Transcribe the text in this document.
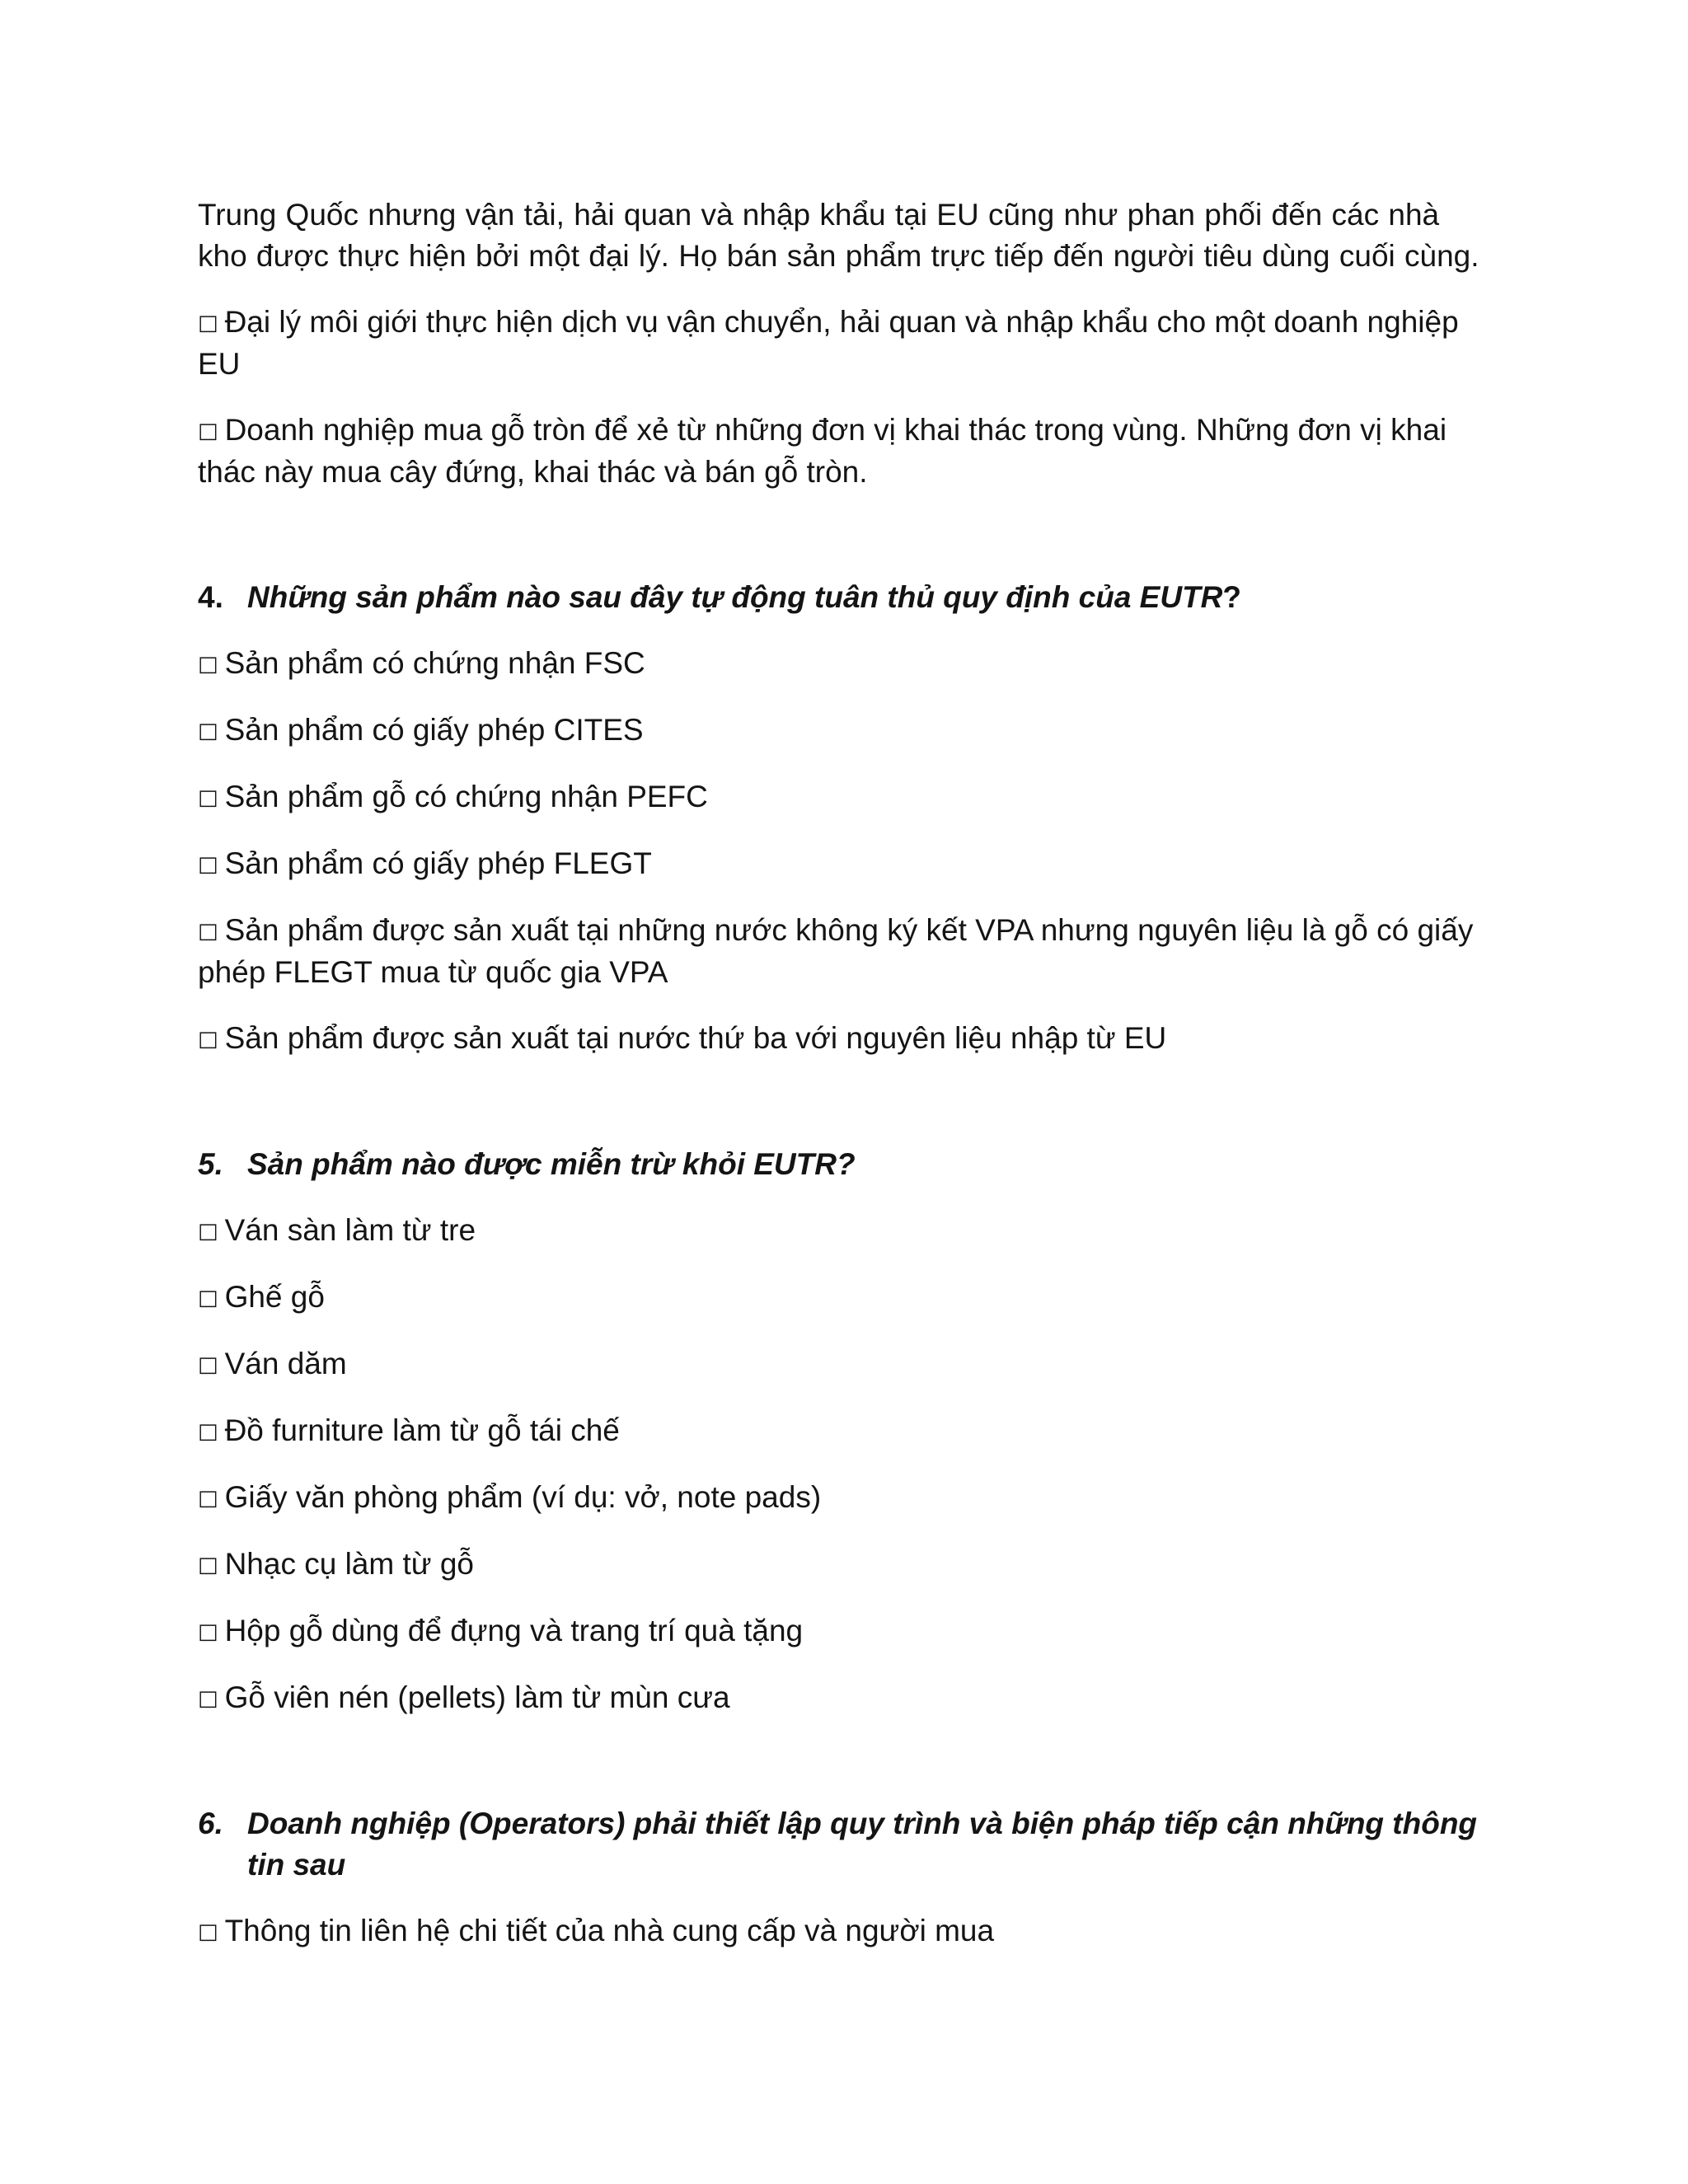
Trung Quốc nhưng vận tải, hải quan và nhập khẩu tại EU cũng như phan phối đến các nhà kho được thực hiện bởi một đại lý. Họ bán sản phẩm trực tiếp đến người tiêu dùng cuối cùng.

□ Đại lý môi giới thực hiện dịch vụ vận chuyển, hải quan và nhập khẩu cho một doanh nghiệp EU
□ Doanh nghiệp mua gỗ tròn để xẻ từ những đơn vị khai thác trong vùng. Những đơn vị khai thác này mua cây đứng, khai thác và bán gỗ tròn.
4. Những sản phẩm nào sau đây tự động tuân thủ quy định của EUTR?
□ Sản phẩm có chứng nhận FSC
□ Sản phẩm có giấy phép CITES
□ Sản phẩm gỗ có chứng nhận PEFC
□ Sản phẩm có giấy phép FLEGT
□ Sản phẩm được sản xuất tại những nước không ký kết VPA nhưng nguyên liệu là gỗ có giấy phép FLEGT mua từ quốc gia VPA
□ Sản phẩm được sản xuất tại nước thứ ba với nguyên liệu nhập từ EU
5. Sản phẩm nào được miễn trừ khỏi EUTR?
□ Ván sàn làm từ tre
□ Ghế gỗ
□ Ván dăm
□ Đồ furniture làm từ gỗ tái chế
□ Giấy văn phòng phẩm (ví dụ: vở, note pads)
□ Nhạc cụ làm từ gỗ
□ Hộp gỗ dùng để đựng và trang trí quà tặng
□ Gỗ viên nén (pellets) làm từ mùn cưa
6. Doanh nghiệp (Operators) phải thiết lập quy trình và biện pháp tiếp cận những thông tin sau
□ Thông tin liên hệ chi tiết của nhà cung cấp và người mua
